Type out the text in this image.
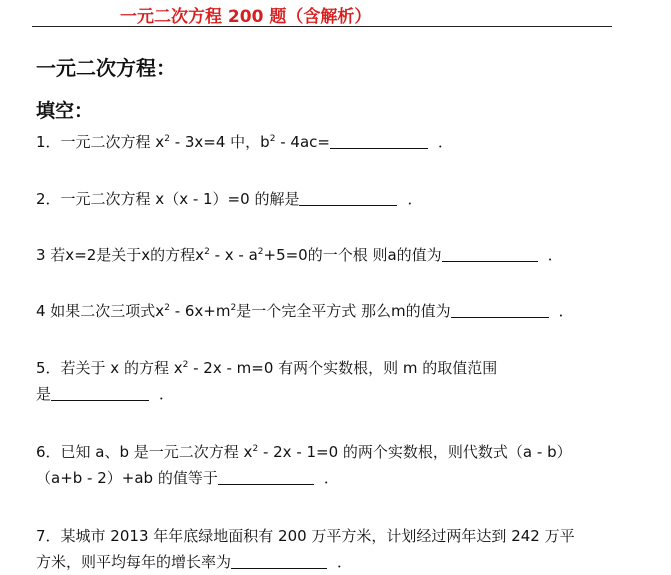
一元二次方程 200 题（含解析）
一元二次方程：
填空：
1．一元二次方程 $x^2 - 3x=4$ 中，$b^2 - 4ac=$	．
2．一元二次方程 x（x - 1）=0 的解是	．
3 若x=2是关于x的方程$x^2 - x - a^2+5=0$的一个根 则a的值为	．
4 如果二次三项式$x^2 - 6x+m^2$是一个完全平方式 那么m的值为	．
5．若关于 x 的方程 $x^2 - 2x - m=0$ 有两个实数根，则 m 的取值范围
是	．
6．已知 a、b 是一元二次方程 $x^2 - 2x - 1=0$ 的两个实数根，则代数式（a - b）
（a+b - 2）+ab 的值等于	．
7．某城市 2013 年年底绿地面积有 200 万平方米，计划经过两年达到 242 万平
方米，则平均每年的增长率为	．
